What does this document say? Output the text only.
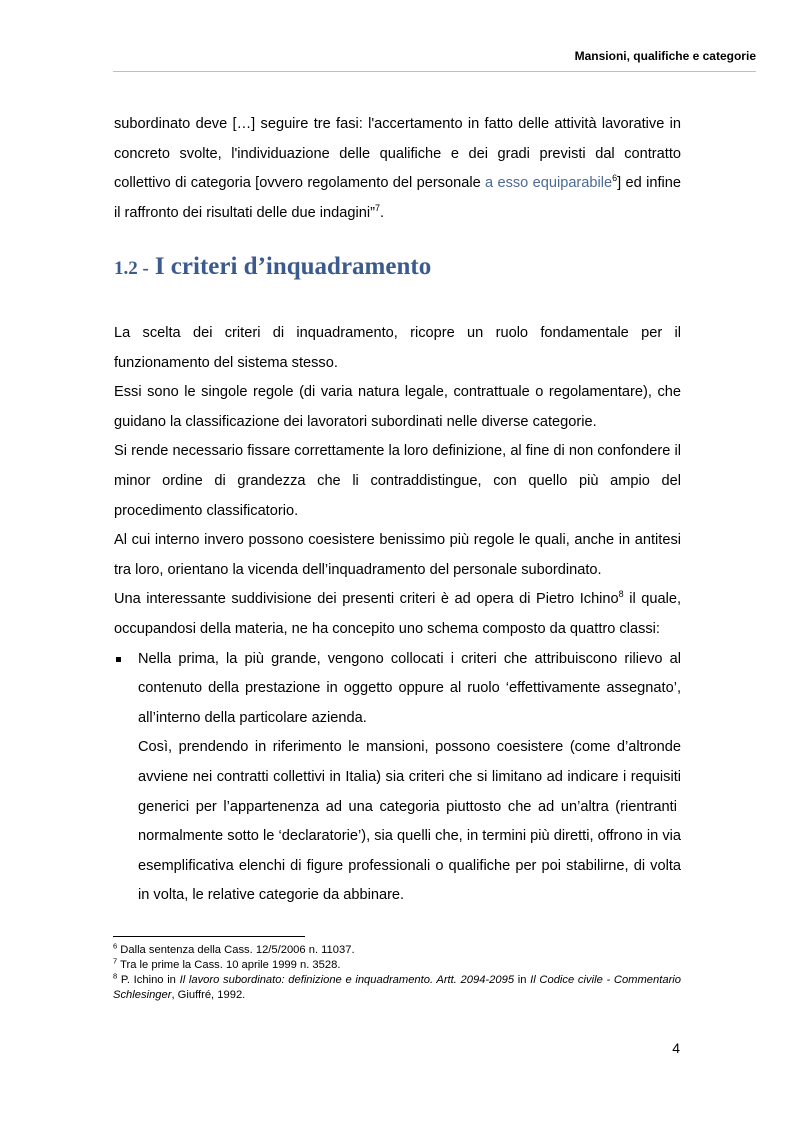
Mansioni, qualifiche e categorie
subordinato deve […] seguire tre fasi: l'accertamento in fatto delle attività lavorative in concreto svolte, l'individuazione delle qualifiche e dei gradi previsti dal contratto collettivo di categoria [ovvero regolamento del personale a esso equiparabile$^6$] ed infine il raffronto dei risultati delle due indagini”$^7$.
1.2 - I criteri d’inquadramento

La scelta dei criteri di inquadramento, ricopre un ruolo fondamentale per il funzionamento del sistema stesso.

Essi sono le singole regole (di varia natura legale, contrattuale o regolamentare), che guidano la classificazione dei lavoratori subordinati nelle diverse categorie.

Si rende necessario fissare correttamente la loro definizione, al fine di non confondere il minor ordine di grandezza che li contraddistingue, con quello più ampio del procedimento classificatorio.

Al cui interno invero possono coesistere benissimo più regole le quali, anche in antitesi tra loro, orientano la vicenda dell’inquadramento del personale subordinato.

Una interessante suddivisione dei presenti criteri è ad opera di Pietro Ichino$^8$ il quale, occupandosi della materia, ne ha concepito uno schema composto da quattro classi:

Nella prima, la più grande, vengono collocati i criteri che attribuiscono rilievo al contenuto della prestazione in oggetto oppure al ruolo ‘effettivamente assegnato’, all’interno della particolare azienda.

Così, prendendo in riferimento le mansioni, possono coesistere (come d’altronde avviene nei contratti collettivi in Italia) sia criteri che si limitano ad indicare i requisiti generici per l’appartenenza ad una categoria piuttosto che ad un’altra (rientranti  normalmente sotto le ‘declaratorie’), sia quelli che, in termini più diretti, offrono in via esemplificativa elenchi di figure professionali o qualifiche per poi stabilirne, di volta in volta, le relative categorie da abbinare.

$^6$ Dalla sentenza della Cass. 12/5/2006 n. 11037.

$^7$ Tra le prime la Cass. 10 aprile 1999 n. 3528.

$^8$ P. Ichino in Il lavoro subordinato: definizione e inquadramento. Artt. 2094-2095 in Il Codice civile - Commentario Schlesinger, Giuffré, 1992.

4
